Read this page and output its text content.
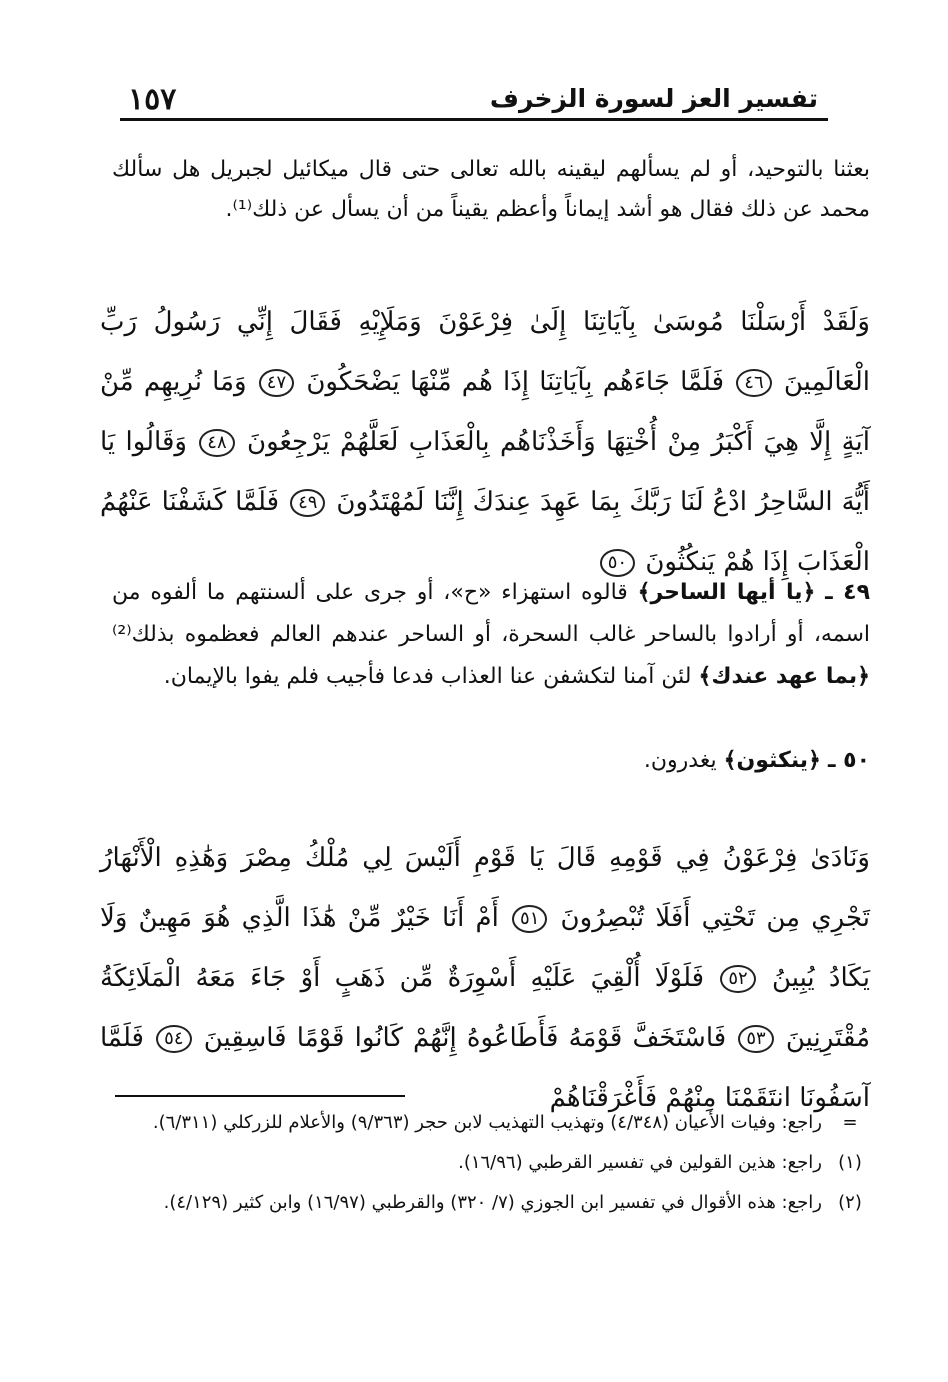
١٥٧	تفسير العز لسورة الزخرف
بعثنا بالتوحيد، أو لم يسألهم ليقينه بالله تعالى حتى قال ميكائيل لجبريل هل سألك محمد عن ذلك فقال هو أشد إيماناً وأعظم يقيناً من أن يسأل عن ذلك⁽¹⁾.
وَلَقَدْ أَرْسَلْنَا مُوسَىٰ بِآيَاتِنَا إِلَىٰ فِرْعَوْنَ وَمَلَإِيْهِ فَقَالَ إِنِّي رَسُولُ رَبِّ الْعَالَمِينَ ٤٦ فَلَمَّا جَاءَهُم بِآيَاتِنَا إِذَا هُم مِّنْهَا يَضْحَكُونَ ٤٧ وَمَا نُرِيهِم مِّنْ آيَةٍ إِلَّا هِيَ أَكْبَرُ مِنْ أُخْتِهَا وَأَخَذْنَاهُم بِالْعَذَابِ لَعَلَّهُمْ يَرْجِعُونَ ٤٨ وَقَالُوا يَا أَيُّهَ السَّاحِرُ ادْعُ لَنَا رَبَّكَ بِمَا عَهِدَ عِندَكَ إِنَّنَا لَمُهْتَدُونَ ٤٩ فَلَمَّا كَشَفْنَا عَنْهُمُ الْعَذَابَ إِذَا هُمْ يَنكُثُونَ ٥٠
٤٩ ـ ﴿يا أيها الساحر﴾ قالوه استهزاء «ح»، أو جرى على ألسنتهم ما ألفوه من اسمه، أو أرادوا بالساحر غالب السحرة، أو الساحر عندهم العالم فعظموه بذلك⁽²⁾ ﴿بما عهد عندك﴾ لئن آمنا لتكشفن عنا العذاب فدعا فأجيب فلم يفوا بالإيمان.
٥٠ ـ ﴿ينكثون﴾ يغدرون.
وَنَادَىٰ فِرْعَوْنُ فِي قَوْمِهِ قَالَ يَا قَوْمِ أَلَيْسَ لِي مُلْكُ مِصْرَ وَهَٰذِهِ الْأَنْهَارُ تَجْرِي مِن تَحْتِي أَفَلَا تُبْصِرُونَ ٥١ أَمْ أَنَا خَيْرٌ مِّنْ هَٰذَا الَّذِي هُوَ مَهِينٌ وَلَا يَكَادُ يُبِينُ ٥٢ فَلَوْلَا أُلْقِيَ عَلَيْهِ أَسْوِرَةٌ مِّن ذَهَبٍ أَوْ جَاءَ مَعَهُ الْمَلَائِكَةُ مُقْتَرِنِينَ ٥٣ فَاسْتَخَفَّ قَوْمَهُ فَأَطَاعُوهُ إِنَّهُمْ كَانُوا قَوْمًا فَاسِقِينَ ٥٤ فَلَمَّا آسَفُونَا انتَقَمْنَا مِنْهُمْ فَأَغْرَقْنَاهُمْ
=
راجع: وفيات الأعيان (٤/٣٤٨) وتهذيب التهذيب لابن حجر (٩/٣٦٣) والأعلام للزركلي (٦/٣١١).
(١)
راجع: هذين القولين في تفسير القرطبي (١٦/٩٦).
(٢)
راجع: هذه الأقوال في تفسير ابن الجوزي (٧/ ٣٢٠) والقرطبي (١٦/٩٧) وابن كثير (٤/١٢٩).
